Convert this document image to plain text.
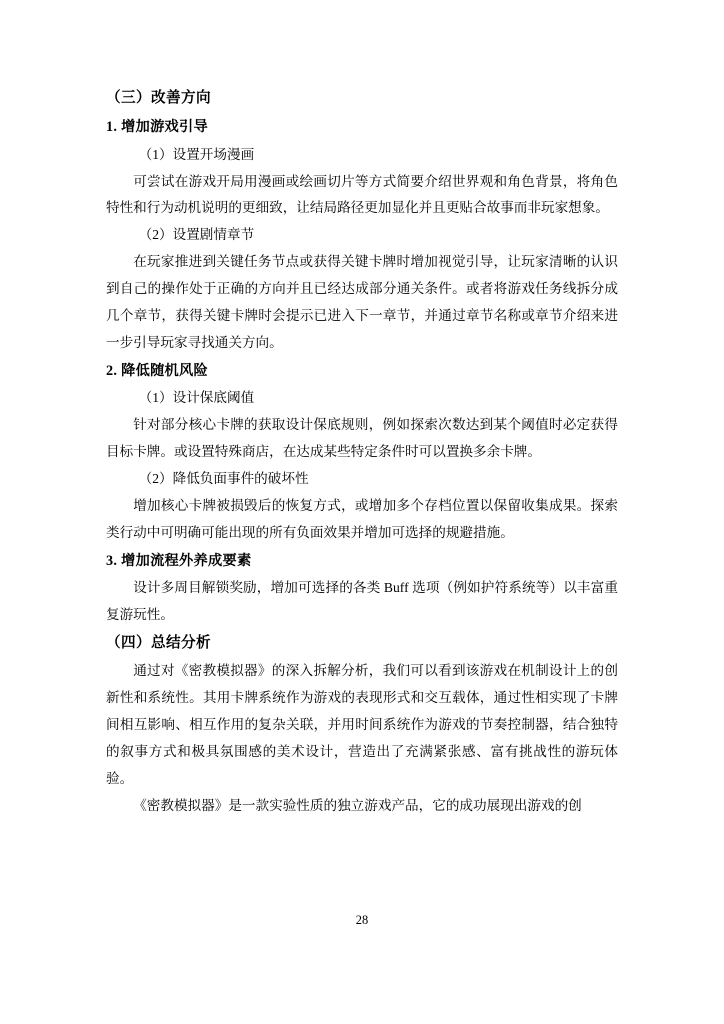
（三）改善方向
1. 增加游戏引导

（1）设置开场漫画

可尝试在游戏开局用漫画或绘画切片等方式简要介绍世界观和角色背景，将角色特性和行为动机说明的更细致，让结局路径更加显化并且更贴合故事而非玩家想象。

（2）设置剧情章节

在玩家推进到关键任务节点或获得关键卡牌时增加视觉引导，让玩家清晰的认识到自己的操作处于正确的方向并且已经达成部分通关条件。或者将游戏任务线拆分成几个章节，获得关键卡牌时会提示已进入下一章节，并通过章节名称或章节介绍来进一步引导玩家寻找通关方向。

2. 降低随机风险

（1）设计保底阈值

针对部分核心卡牌的获取设计保底规则，例如探索次数达到某个阈值时必定获得目标卡牌。或设置特殊商店，在达成某些特定条件时可以置换多余卡牌。

（2）降低负面事件的破坏性

增加核心卡牌被损毁后的恢复方式，或增加多个存档位置以保留收集成果。探索类行动中可明确可能出现的所有负面效果并增加可选择的规避措施。

3. 增加流程外养成要素

设计多周目解锁奖励，增加可选择的各类 Buff 选项（例如护符系统等）以丰富重复游玩性。

（四）总结分析

通过对《密教模拟器》的深入拆解分析，我们可以看到该游戏在机制设计上的创新性和系统性。其用卡牌系统作为游戏的表现形式和交互载体，通过性相实现了卡牌间相互影响、相互作用的复杂关联，并用时间系统作为游戏的节奏控制器，结合独特的叙事方式和极具氛围感的美术设计，营造出了充满紧张感、富有挑战性的游玩体验。

《密教模拟器》是一款实验性质的独立游戏产品，它的成功展现出游戏的创

28
